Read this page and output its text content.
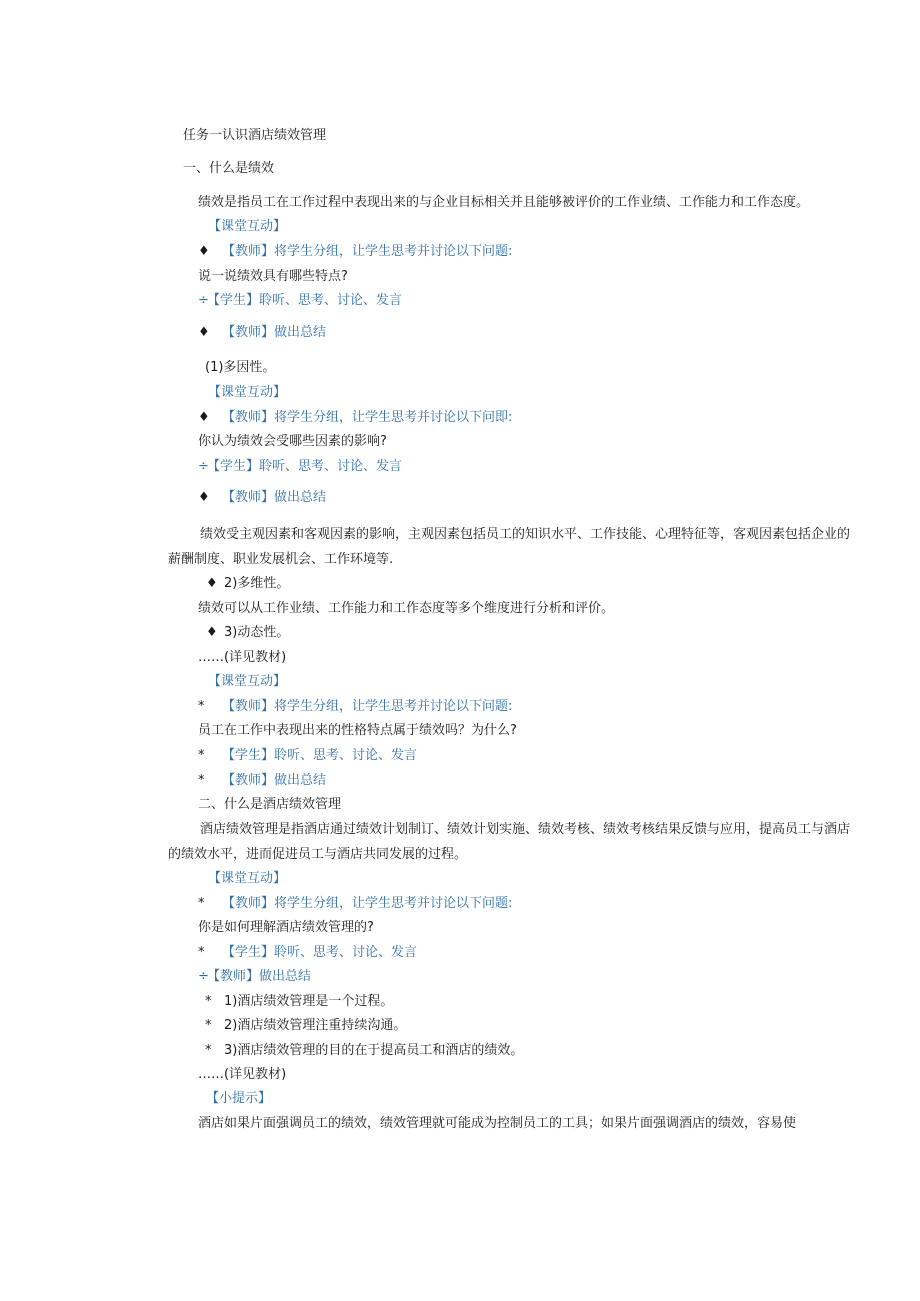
任务一认识酒店绩效管理
一、什么是绩效
绩效是指员工在工作过程中表现出来的与企业目标相关并且能够被评价的工作业绩、工作能力和工作态度。
【课堂互动】
♦ 【教师】将学生分组，让学生思考并讨论以下问题:
说一说绩效具有哪些特点?
÷
【学生】聆听、思考、讨论、发言
♦ 【教师】做出总结
(1)多因性。
【课堂互动】
♦ 【教师】将学生分组，让学生思考并讨论以下问即:
你认为绩效会受哪些因素的影响?
÷
【学生】聆听、思考、讨论、发言
♦ 【教师】做出总结
绩效受主观因素和客观因素的影响，主观因素包括员工的知识水平、工作技能、心理特征等，客观因素包括企业的
薪酬制度、职业发展机会、工作环境等.
♦ 2)多维性。
绩效可以从工作业绩、工作能力和工作态度等多个维度进行分析和评价。
♦ 3)动态性。
……(详见教材)
【课堂互动】
* 【教师】将学生分组，让学生思考并讨论以下问题:
员工在工作中表现出来的性格特点属于绩效吗？为什么?
* 【学生】聆听、思考、讨论、发言
* 【教师】做出总结
二、什么是酒店绩效管理
酒店绩效管理是指酒店通过绩效计划制订、绩效计划实施、绩效考核、绩效考核结果反馈与应用，提高员工与酒店
的绩效水平，进而促进员工与酒店共同发展的过程。
【课堂互动】
* 【教师】将学生分组，让学生思考并讨论以下问题:
你是如何理解酒店绩效管理的?
* 【学生】聆听、思考、讨论、发言
÷
【教师】做出总结
* 1)酒店绩效管理是一个过程。
* 2)酒店绩效管理注重持续沟通。
* 3)酒店绩效管理的目的在于提高员工和酒店的绩效。
……(详见教材)
【小提示】
酒店如果片面强调员工的绩效，绩效管理就可能成为控制员工的工具；如果片面强调酒店的绩效，容易使
